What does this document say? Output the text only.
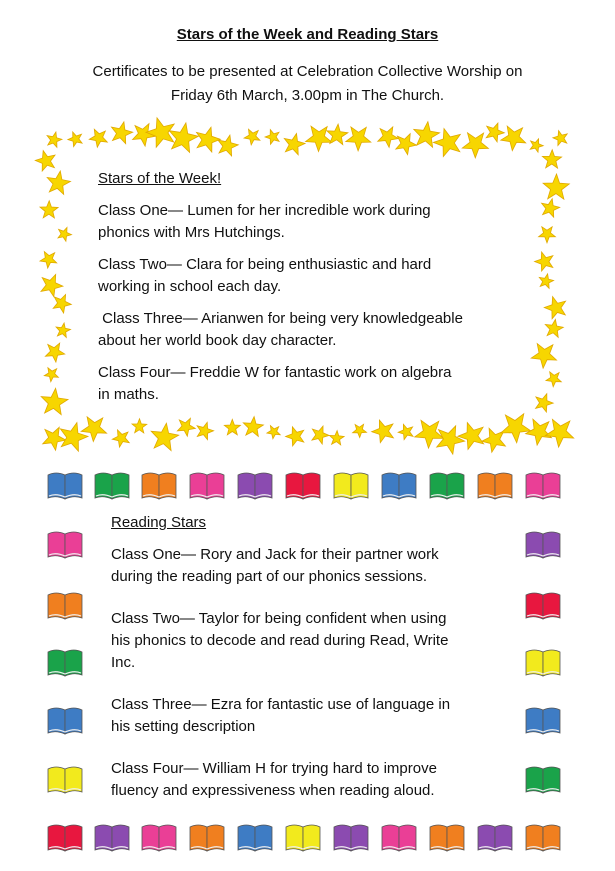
Stars of the Week and Reading Stars
Certificates to be presented at Celebration Collective Worship on
Friday 6th March, 3.00pm in The Church.
Stars of the Week!
Class One— Lumen for her incredible work during
phonics with Mrs Hutchings.
Class Two— Clara for being enthusiastic and hard
working in school each day.
Class Three— Arianwen for being very knowledgeable
about her world book day character.
Class Four— Freddie W for fantastic work on algebra
in maths.
Reading Stars
Class One— Rory and Jack for their partner work
during the reading part of our phonics sessions.
Class Two— Taylor for being confident when using
his phonics to decode and read during Read, Write
Inc.
Class Three— Ezra for fantastic use of language in
his setting description
Class Four— William H for trying hard to improve
fluency and expressiveness when reading aloud.
